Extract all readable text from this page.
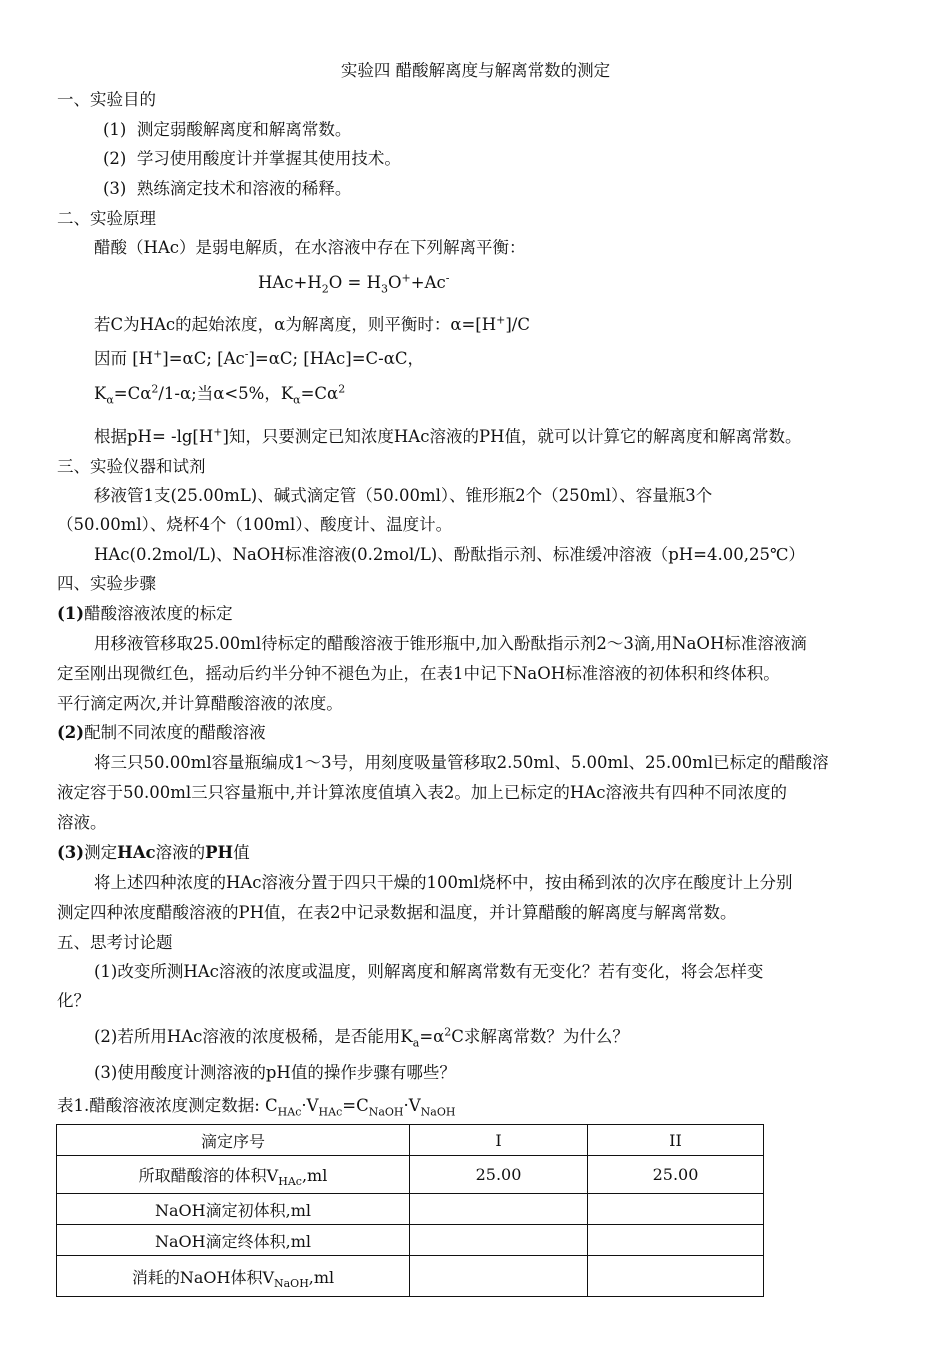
实验四 醋酸解离度与解离常数的测定
一、实验目的
(1) 测定弱酸解离度和解离常数。
(2) 学习使用酸度计并掌握其使用技术。
(3) 熟练滴定技术和溶液的稀释。
二、实验原理
醋酸（HAc）是弱电解质，在水溶液中存在下列解离平衡：
$HAc+H_2O = H_3O^++Ac^-$
若C为HAc的起始浓度，α为解离度，则平衡时：α=[H+]/C
因而 [H+]=αC; [Ac-]=αC; [HAc]=C-αC，
$K_\alpha=C\alpha^2/1-\alpha$;当α<5%，$K_\alpha=C\alpha^2$
根据pH= -lg[H+]知，只要测定已知浓度HAc溶液的PH值，就可以计算它的解离度和解离常数。
三、实验仪器和试剂
移液管1支(25.00mL)、碱式滴定管（50.00ml）、锥形瓶2个（250ml）、容量瓶3个
（50.00ml）、烧杯4个（100ml）、酸度计、温度计。
HAc(0.2mol/L)、NaOH标准溶液(0.2mol/L)、酚酞指示剂、标准缓冲溶液（pH=4.00,25℃）
四、实验步骤
(1)醋酸溶液浓度的标定
用移液管移取25.00ml待标定的醋酸溶液于锥形瓶中,加入酚酞指示剂2～3滴,用NaOH标准溶液滴
定至刚出现微红色，摇动后约半分钟不褪色为止，在表1中记下NaOH标准溶液的初体积和终体积。
平行滴定两次,并计算醋酸溶液的浓度。
(2)配制不同浓度的醋酸溶液
将三只50.00ml容量瓶编成1～3号，用刻度吸量管移取2.50ml、5.00ml、25.00ml已标定的醋酸溶
液定容于50.00ml三只容量瓶中,并计算浓度值填入表2。加上已标定的HAc溶液共有四种不同浓度的
溶液。
(3)测定HAc溶液的PH值
将上述四种浓度的HAc溶液分置于四只干燥的100ml烧杯中，按由稀到浓的次序在酸度计上分别
测定四种浓度醋酸溶液的PH值，在表2中记录数据和温度，并计算醋酸的解离度与解离常数。
五、思考讨论题
(1)改变所测HAc溶液的浓度或温度，则解离度和解离常数有无变化？若有变化，将会怎样变
化？
(2)若所用HAc溶液的浓度极稀，是否能用$K_a=\alpha^2C$求解离常数？为什么？
(3)使用酸度计测溶液的pH值的操作步骤有哪些？
表1.醋酸溶液浓度测定数据: $C_{HAc}\cdot V_{HAc}=C_{NaOH}\cdot V_{NaOH}$
滴定序号	I	II
所取醋酸溶的体积$V_{HAc},ml$	25.00	25.00
NaOH滴定初体积,ml		
NaOH滴定终体积,ml		
消耗的NaOH体积$V_{NaOH},ml$		
